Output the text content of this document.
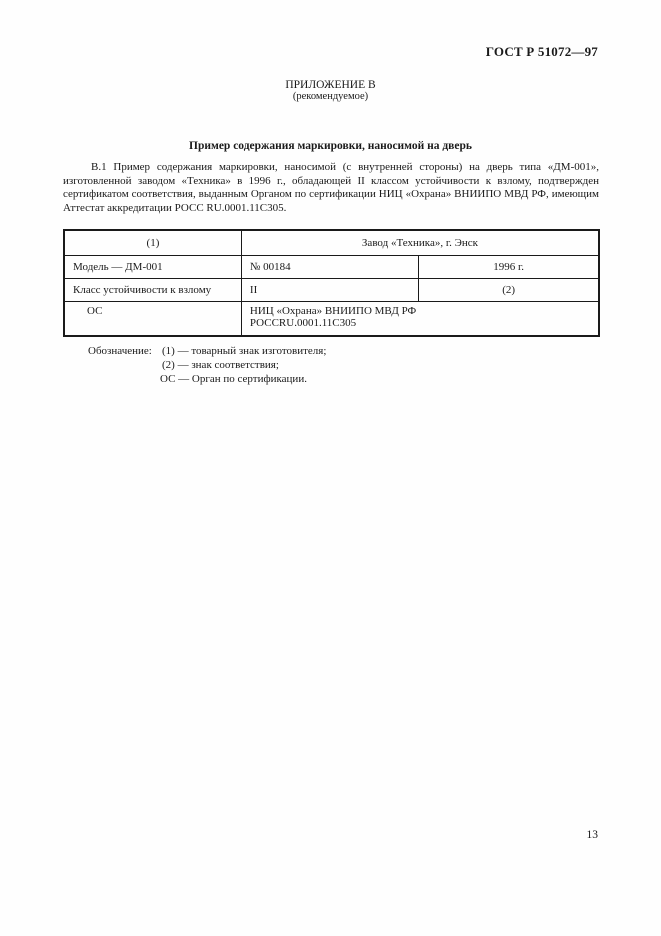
ГОСТ Р 51072—97
ПРИЛОЖЕНИЕ В
(рекомендуемое)
Пример содержания маркировки, наносимой на дверь
В.1 Пример содержания маркировки, наносимой (с внутренней стороны) на дверь типа «ДМ-001», изготовленной заводом «Техника» в 1996 г., обладающей II классом устойчивости к взлому, подтвержден сертификатом соответствия, выданным Органом по сертификации НИЦ «Охрана» ВНИИПО МВД РФ, имеющим Аттестат аккредитации РОСС RU.0001.11С305.
(1)	Завод «Техника», г. Энск	
Модель — ДМ-001	№ 00184	1996 г.
Класс устойчивости к взлому	II	(2)
ОС	НИЦ «Охрана» ВНИИПО МВД РФ
РОССRU.0001.11С305	
Обозначение: (1) — товарный знак изготовителя;
(2) — знак соответствия;
ОС — Орган по сертификации.
13
